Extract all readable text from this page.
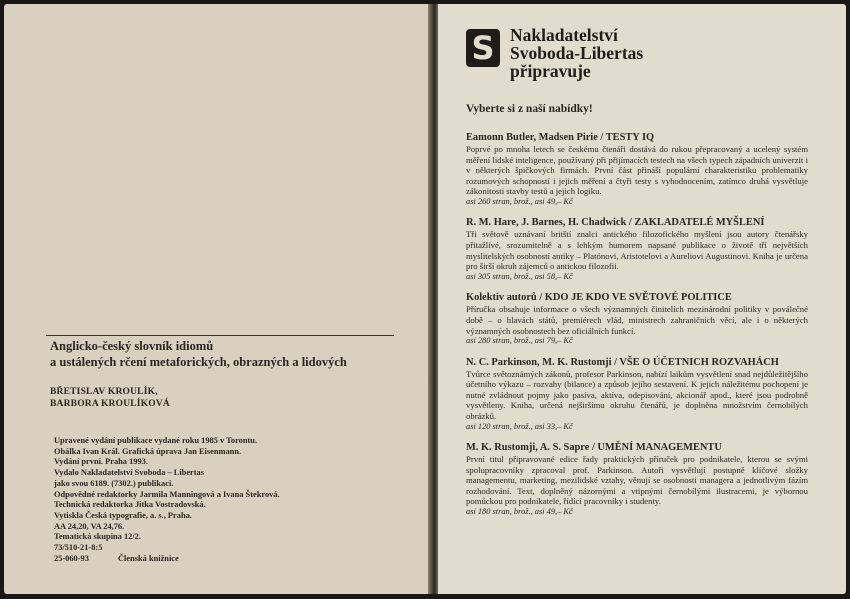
Anglicko-český slovník idiomů
a ustálených rčení metaforických, obrazných a lidových
BŘETISLAV KROULÍK,
BARBORA KROULÍKOVÁ
Upravené vydání publikace vydané roku 1985 v Torontu.
Obálka Ivan Král. Grafická úprava Jan Eisenmann.
Vydání první. Praha 1993.
Vydalo Nakladatelství Svoboda – Libertas
jako svou 6189. (7302.) publikaci.
Odpovědné redaktorky Jarmila Manningová a Ivana Štekrová.
Technická redaktorka Jitka Vostradovská.
Vytiskla Česká typografie, a. s., Praha.
AA 24,20, VA 24,76.
Tematická skupina 12/2.
73/510-21-8:5
25-060-93	Členská knižnice
S Nakladatelství
Svoboda-Libertas
připravuje
Vyberte si z naší nabídky!
Eamonn Butler, Madsen Pirie / TESTY IQ
Poprvé po mnoha letech se českému čtenáři dostává do rukou přepracovaný a ucelený systém měření lidské inteligence, používaný při přijímacích testech na všech typech západních univerzit i v některých špičkových firmách. První část přináší populární charakteristiku problematiky rozumových schopností i jejich měření a čtyři testy s vyhodnocením, zatímco druhá vysvětluje zákonitosti stavby testů a jejich logiku.
asi 260 stran, brož., asi 49,– Kč
R. M. Hare, J. Barnes, H. Chadwick / ZAKLADATELÉ MYŠLENÍ
Tři světově uznávaní britští znalci antického filozofického myšlení jsou autory čtenářsky přitažlivé, srozumitelně a s lehkým humorem napsané publikace o životě tří největších myslitelských osobností antiky – Platónovi, Aristotelovi a Aureliovi Augustinovi. Kniha je určena pro širší okruh zájemců o antickou filozofii.
asi 305 stran, brož., asi 58,– Kč
Kolektiv autorů / KDO JE KDO VE SVĚTOVÉ POLITICE
Příručka obsahuje informace o všech významných činitelích mezinárodní politiky v poválečné době – o hlavách států, premiérech vlád, ministrech zahraničních věcí, ale i o některých významných osobnostech bez oficiálních funkcí.
asi 280 stran, brož., asi 79,– Kč
N. C. Parkinson, M. K. Rustomji / VŠE O ÚČETNICH ROZVAHÁCH
Tvůrce světoznámých zákonů, profesor Parkinson, nabízí laikům vysvětlení snad nejdůležitějšího účetního výkazu – rozvahy (bilance) a způsob jejího sestavení. K jejich náležitému pochopení je nutné zvládnout pojmy jako pasíva, aktíva, odepisování, akcionář apod., které jsou podrobně vysvětleny. Kniha, určená nejširšímu okruhu čtenářů, je doplněna množstvím černobílých obrázků.
asi 120 stran, brož., asi 33,– Kč
M. K. Rustomji, A. S. Sapre / UMĚNÍ MANAGEMENTU
První titul připravované edice řady praktických příruček pro podnikatele, kterou se svými spolupracovníky zpracoval prof. Parkinson. Autoři vysvětlují postupně klíčové složky managementu, marketing, mezilidské vztahy, věnují se osobnosti managera a jednotlivým fázím rozhodování. Text, doplněný názornými a vtipnými černobílými ilustracemi, je výbornou pomůckou pro podnikatele, řídící pracovníky i studenty.
asi 180 stran, brož., asi 49,– Kč
